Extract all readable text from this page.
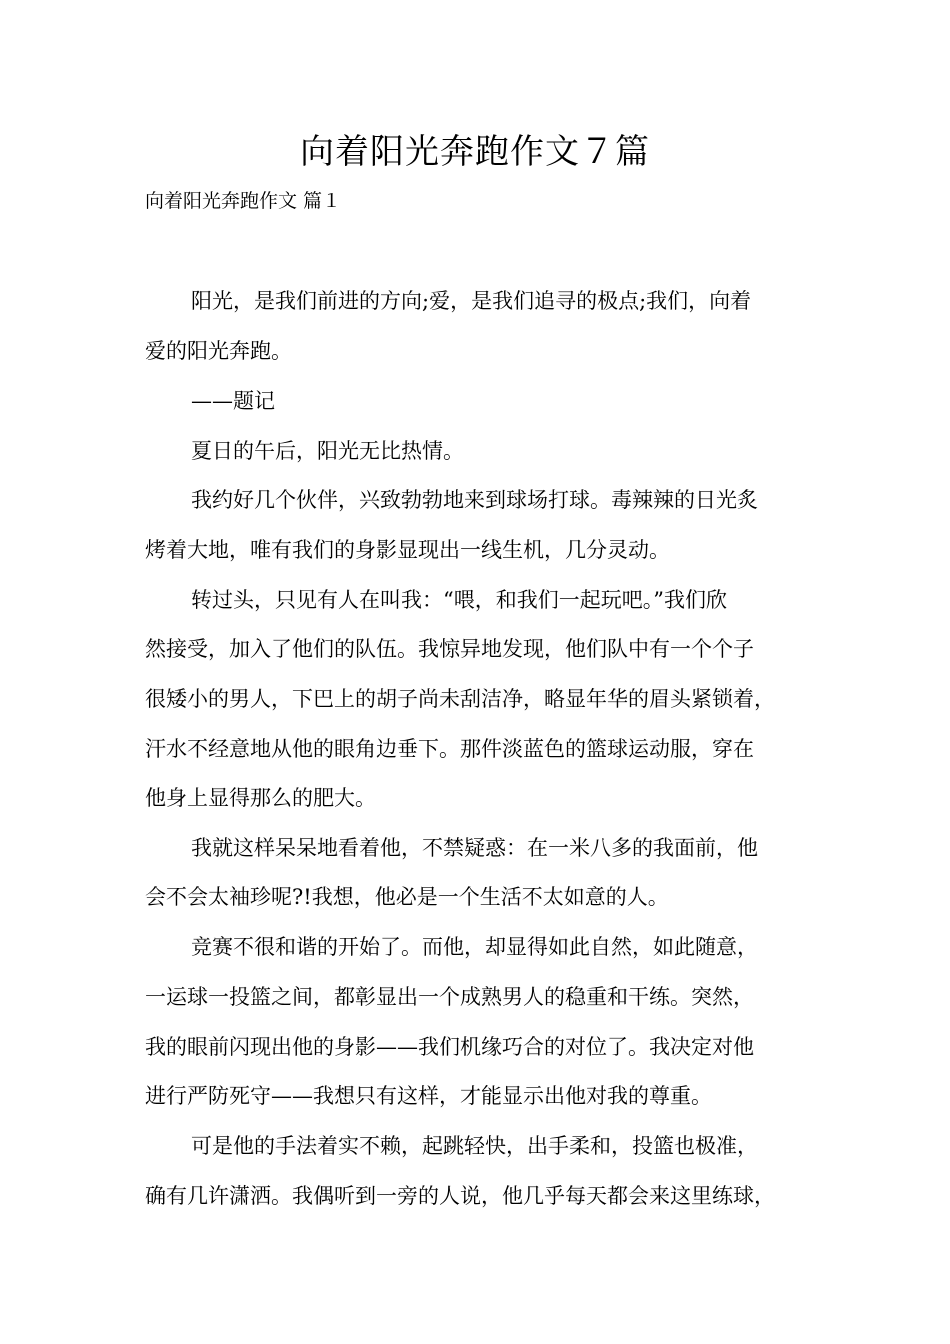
向着阳光奔跑作文７篇
向着阳光奔跑作文 篇１
阳光，是我们前进的方向;爱，是我们追寻的极点;我们，向着
爱的阳光奔跑。
——题记
夏日的午后，阳光无比热情。
我约好几个伙伴，兴致勃勃地来到球场打球。毒辣辣的日光炙
烤着大地，唯有我们的身影显现出一线生机，几分灵动。
转过头，只见有人在叫我：“喂，和我们一起玩吧。”我们欣
然接受，加入了他们的队伍。我惊异地发现，他们队中有一个个子
很矮小的男人，下巴上的胡子尚未刮洁净，略显年华的眉头紧锁着，
汗水不经意地从他的眼角边垂下。那件淡蓝色的篮球运动服，穿在
他身上显得那么的肥大。
我就这样呆呆地看着他，不禁疑惑：在一米八多的我面前，他
会不会太袖珍呢?!我想，他必是一个生活不太如意的人。
竞赛不很和谐的开始了。而他，却显得如此自然，如此随意，
一运球一投篮之间，都彰显出一个成熟男人的稳重和干练。突然，
我的眼前闪现出他的身影——我们机缘巧合的对位了。我决定对他
进行严防死守——我想只有这样，才能显示出他对我的尊重。
可是他的手法着实不赖，起跳轻快，出手柔和，投篮也极准，
确有几许潇洒。我偶听到一旁的人说，他几乎每天都会来这里练球，
